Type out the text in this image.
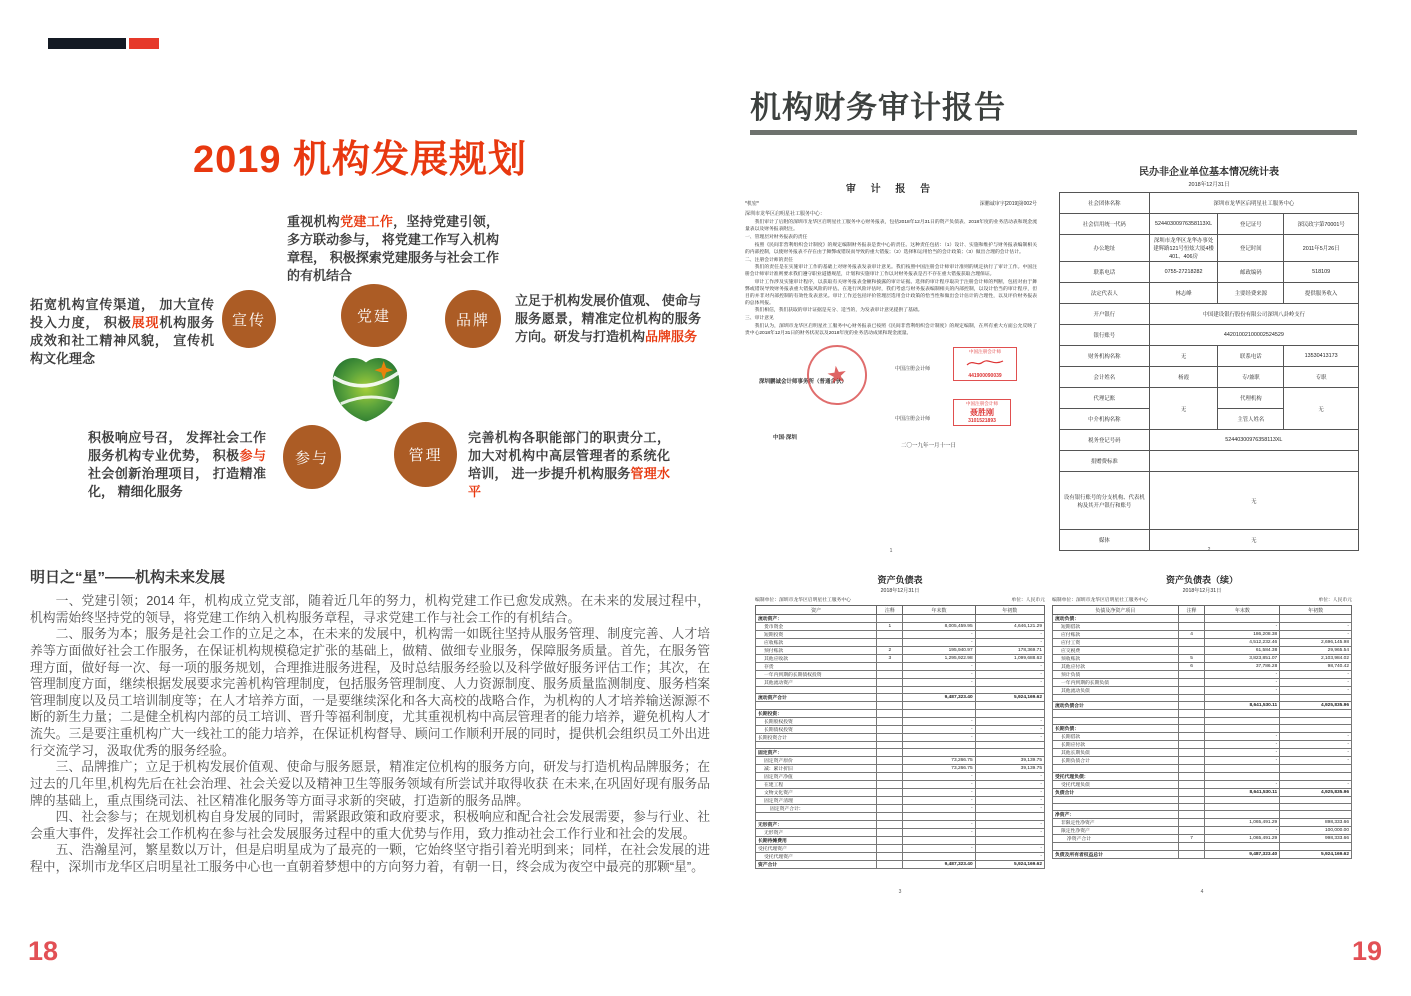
2019 机构发展规划
重视机构党建工作，坚持党建引领，多方联动参与， 将党建工作写入机构章程， 积极探索党建服务与社会工作的有机结合
拓宽机构宣传渠道， 加大宣传投入力度， 积极展现机构服务成效和社工精神风貌， 宣传机构文化理念
立足于机构发展价值观、 使命与服务愿景，精准定位机构的服务方向。研发与打造机构品牌服务
积极响应号召， 发挥社会工作服务机构专业优势， 积极参与社会创新治理项目， 打造精准化， 精细化服务
完善机构各职能部门的职责分工，加大对机构中高层管理者的系统化培训， 进一步提升机构服务管理水平
宣传	党建	品牌
参与	管理
明日之“星”——机构未来发展

一、党建引领；2014 年，机构成立党支部，随着近几年的努力，机构党建工作已愈发成熟。在未来的发展过程中，机构需始终坚持党的领导，将党建工作纳入机构服务章程，寻求党建工作与社会工作的有机结合。

二、服务为本；服务是社会工作的立足之本，在未来的发展中，机构需一如既往坚持从服务管理、制度完善、人才培养等方面做好社会工作服务，在保证机构规模稳定扩张的基础上，做精、做细专业服务，保障服务质量。首先，在服务管理方面，做好每一次、每一项的服务规划，合理推进服务进程，及时总结服务经验以及科学做好服务评估工作；其次，在管理制度方面，继续根据发展要求完善机构管理制度，包括服务管理制度、人力资源制度、服务质量监测制度、服务档案管理制度以及员工培训制度等；在人才培养方面，一是要继续深化和各大高校的战略合作，为机构的人才培养输送源源不断的新生力量；二是健全机构内部的员工培训、晋升等福利制度，尤其重视机构中高层管理者的能力培养，避免机构人才流失。三是要注重机构广大一线社工的能力培养，在保证机构督导、顾问工作顺利开展的同时，提供机会组织员工外出进行交流学习，汲取优秀的服务经验。

三、品牌推广；立足于机构发展价值观、使命与服务愿景，精准定位机构的服务方向，研发与打造机构品牌服务；在过去的几年里,机构先后在社会治理、社会关爱以及精神卫生等服务领域有所尝试并取得收获 在未来,在巩固好现有服务品牌的基础上，重点围绕司法、社区精准化服务等方面寻求新的突破，打造新的服务品牌。

四、社会参与；在规划机构自身发展的同时，需紧跟政策和政府要求，积极响应和配合社会发展需要，参与行业、社会重大事件，发挥社会工作机构在参与社会发展服务过程中的重大优势与作用，致力推动社会工作行业和社会的发展。

五、浩瀚星河，繁星数以万计，但是启明星成为了最亮的一颗，它始终坚守指引着光明到来；同样，在社会发展的进程中，深圳市龙华区启明星社工服务中心也一直朝着梦想中的方向努力着，有朝一日，终会成为夜空中最亮的那颗“星”。

18
机构财务审计报告
审 计 报 告
*机密*	深鹏诚审字[2019]第002号
深圳市龙华区启明星社工服务中心：

我们审计了后附的深圳市龙华区启明星社工服务中心财务报表，包括2018年12月31日的资产负债表、2018年度的业务活动表和现金流量表以及财务报表附注。

一、管理层对财务报表的责任

按照《民间非营利组织会计制度》的规定编制财务报表是贵中心的责任。这种责任包括：（1）设计、实施和维护与财务报表编制相关的内部控制，以使财务报表不存在由于舞弊或错误而导致的重大错报；（2）选择和运用恰当的会计政策；（3）做出合理的会计估计。

二、注册会计师的责任

我们的责任是在实施审计工作的基础上对财务报表发表审计意见。我们按照中国注册会计师审计准则的规定执行了审计工作。中国注册会计师审计准则要求我们遵守职业道德规范，计划和实施审计工作以对财务报表是否不存在重大错报获取合理保证。

审计工作涉及实施审计程序，以获取有关财务报表金额和披露的审计证据。选择的审计程序取决于注册会计师的判断，包括对由于舞弊或错误导致财务报表重大错报风险的评估。在进行风险评估时，我们考虑与财务报表编制相关的内部控制，以设计恰当的审计程序，但目的并非对内部控制的有效性发表意见。审计工作还包括评价管理层选用会计政策的恰当性和做出会计估计的合理性，以及评价财务报表的总体列报。

我们相信，我们获取的审计证据是充分、适当的，为发表审计意见提供了基础。

三、审计意见

我们认为，深圳市龙华区启明星社工服务中心财务报表已按照《民间非营利组织会计制度》的规定编制，在所有重大方面公允反映了贵中心2018年12月31日的财务状况以及2018年度的业务活动成果和现金流量。

深圳鹏诚会计师事务所（普通合伙）
★
中国·深圳
中国注册会计师
中国注册会计师
441900090039
中国注册会计师
中国注册会计师
聂胜刚
3101521893
二〇一九年一月十一日
1
民办非企业单位基本情况统计表
2018年12月31日
社会团体名称	深圳市龙华区启明星社工服务中心		
社会信用统一代码	52440300976358113XL	登记证号	深民政字第70001号
办公地址	深圳市龙华区龙华办事处建辉路121号恒炫大厦4楼401、406房	登记时间	2011年5月26日
联系电话	0755-27218282	邮政编码	518109
法定代表人	林志峰	主要经费来源	提供服务收入
开户银行	中国建设银行股份有限公司深圳八卦岭支行		
银行账号	44201002100002524529		
财务机构名称	无	联系电话	13530413173
会计姓名	杨霞	专/兼职	专职
代理记账	无	代理机构	无
中介机构名称		主管人姓名	
税务登记号码	52440300976358113XL		
捐赠费标准			
设有银行账号的分支机构、代表机构及其开户银行和账号	无		
媒体	无		
2
资产负债表
2018年12月31日
编制单位：深圳市龙华区启明星社工服务中心	单位：人民币元
资产	注释	年末数	年初数
流动资产：			
货币资金	1	8,005,459.95	4,646,121.29
短期投资		-	-
应收账款		-	-
预付账款	2	195,940.97	178,369.71
其他应收款	3	1,295,922.98	1,099,688.62
存货		-	-
一年内到期的长期债权投资		-	-
其他流动资产		-	-

流动资产合计		9,487,323.40	5,924,169.62

长期投资：			
长期股权投资		-	-
长期债权投资		-	-
长期投资合计		-	-

固定资产：			
固定资产原价		73,266.75	39,139.75
减：累计折旧		73,266.75	39,139.75
固定资产净值		-	-
在建工程		-	-
文物文化资产		-	-
固定资产清理		-	-
固定资产合计：		-	-

无形资产：		-	-
无形资产		-	-
长期待摊费用			
受托代理资产		-	-
受托代理资产			-
资产合计		9,487,323.40	5,924,169.62
3
资产负债表（续）
2018年12月31日
编制单位：深圳市龙华区启明星社工服务中心	单位：人民币元
负债及净资产项目	注释	年末数	年初数
流动负债：			
短期借款		-	-
应付账款	4	186,208.38	-
应付工资		4,512,232.46	2,696,145.98
应交税费		61,584.38	29,965.54
预收账款	5	3,823,851.07	2,103,984.02
其他应付款	6	37,786.28	98,740.42
预计负债		-	-
一年内到期的长期负债		-	-
其他流动负债		-	-

流动负债合计		8,641,530.11	4,925,835.96

长期负债：			
长期借款		-	-
长期应付款		-	-
其他长期负债		-	-
长期负债合计		-	-

受托代理负债：			
受托代理负债		-	-
负债合计		8,641,530.11	4,925,835.96

净资产：			
非限定性净资产		1,065,491.29	898,333.66
限定性净资产		-	100,000.00
净资产合计	7	1,065,491.29	998,333.66

负债及所有者权益总计		9,487,323.40	5,924,169.62
4
19
